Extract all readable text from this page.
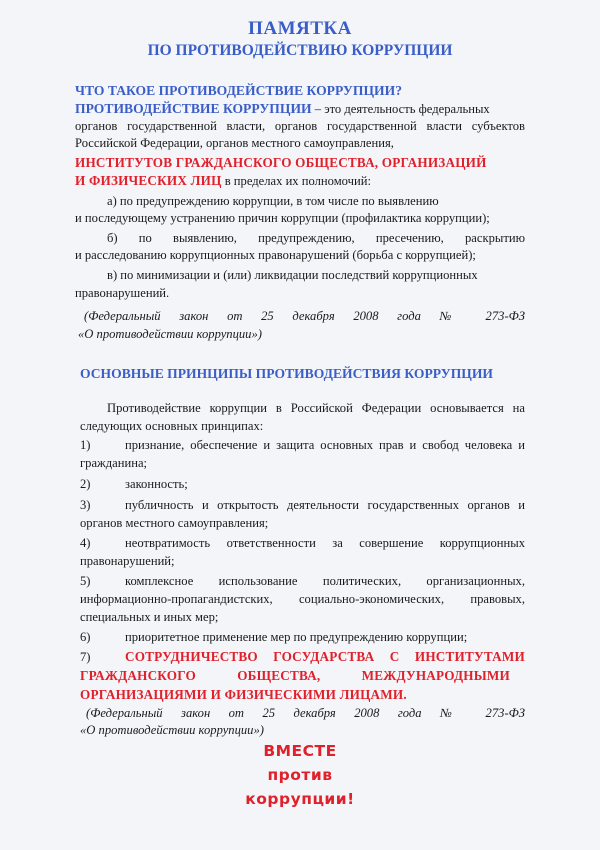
ПАМЯТКА
ПО ПРОТИВОДЕЙСТВИЮ КОРРУПЦИИ
ЧТО ТАКОЕ ПРОТИВОДЕЙСТВИЕ КОРРУПЦИИ?
ПРОТИВОДЕЙСТВИЕ КОРРУПЦИИ – это деятельность федеральных
органов государственной власти, органов государственной власти субъектов
Российской Федерации, органов местного самоуправления,
ИНСТИТУТОВ ГРАЖДАНСКОГО ОБЩЕСТВА, ОРГАНИЗАЦИЙ
И ФИЗИЧЕСКИХ ЛИЦ в пределах их полномочий:
а) по предупреждению коррупции, в том числе по выявлению
и последующему устранению причин коррупции (профилактика коррупции);
б) по выявлению, предупреждению, пресечению, раскрытию
и расследованию коррупционных правонарушений (борьба с коррупцией);
в) по минимизации и (или) ликвидации последствий коррупционных
правонарушений.
(Федеральный закон от 25 декабря 2008 года № 273-ФЗ
«О противодействии коррупции»)
ОСНОВНЫЕ ПРИНЦИПЫ ПРОТИВОДЕЙСТВИЯ КОРРУПЦИИ
Противодействие коррупции в Российской Федерации основывается на
следующих основных принципах:
1)	признание, обеспечение и защита основных прав и свобод человека и
гражданина;
2)	законность;
3)	публичность и открытость деятельности государственных органов и
органов местного самоуправления;
4)	неотвратимость ответственности за совершение коррупционных
правонарушений;
5)	комплексное использование политических, организационных,
информационно-пропагандистских, социально-экономических, правовых,
специальных и иных мер;
6)	приоритетное применение мер по предупреждению коррупции;
7)	СОТРУДНИЧЕСТВО ГОСУДАРСТВА С ИНСТИТУТАМИ
ГРАЖДАНСКОГО ОБЩЕСТВА, МЕЖДУНАРОДНЫМИ
ОРГАНИЗАЦИЯМИ И ФИЗИЧЕСКИМИ ЛИЦАМИ.
(Федеральный закон от 25 декабря 2008 года № 273-ФЗ
«О противодействии коррупции»)
ВМЕСТЕ
против
коррупции!
